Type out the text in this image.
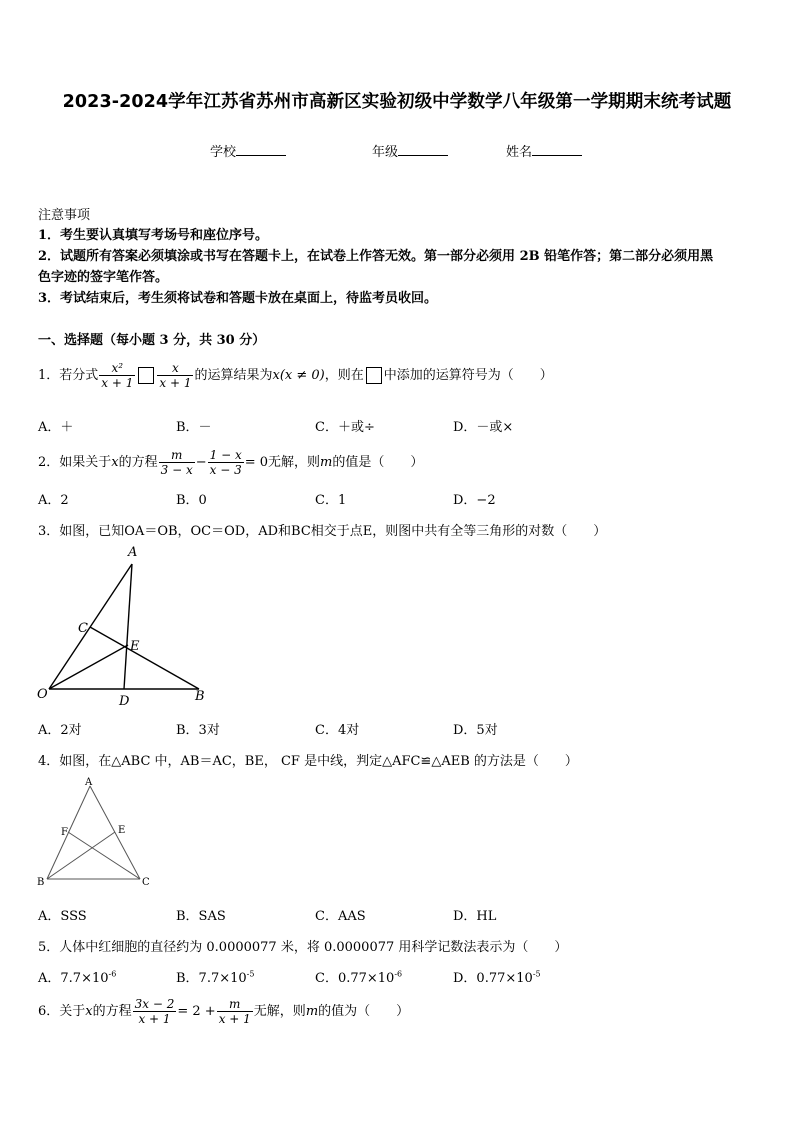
2023-2024学年江苏省苏州市高新区实验初级中学数学八年级第一学期期末统考试题
学校	年级	姓名
注意事项
1．考生要认真填写考场号和座位序号。
2．试题所有答案必须填涂或书写在答题卡上，在试卷上作答无效。第一部分必须用 2B 铅笔作答；第二部分必须用黑
色字迹的签字笔作答。
3．考试结束后，考生须将试卷和答题卡放在桌面上，待监考员收回。
一、选择题（每小题 3 分，共 30 分）
1．若分式 $\frac{\text{x²}}{x + 1} \frac{x}{x + 1}$ 的运算结果为x(x ≠ 0)，则在 中添加的运算符号为（　　）
A．＋	B．－	C．＋或÷	D．－或×
2．如果关于x的方程 $\frac{m}{3 - x} - \frac{1 - x}{x - 3} = 0$无解，则m的值是（　　）
A．2	B．0	C．1	D．−2
3．如图，已知OA＝OB，OC＝OD，AD和BC相交于点E，则图中共有全等三角形的对数（　　）
A
C
E
O	D	B
A．2对	B．3对	C．4对	D．5对
4．如图，在△ABC 中，AB＝AC，BE， CF 是中线，判定△AFC≌△AEB 的方法是（　　）
A
F	E
B	C
A．SSS	B．SAS	C．AAS	D．HL
5．人体中红细胞的直径约为 0.0000077 米，将 0.0000077 用科学记数法表示为（　　）
A．$7.7\times 10^{-6}$	B．$7.7\times 10^{-5}$	C．$0.77\times 10^{-6}$	D．$0.77\times 10^{-5}$
6．关于x的方程 $\frac{3x - 2}{x + 1} = 2 + \frac{m}{x + 1}$ 无解，则m的值为（　　）
